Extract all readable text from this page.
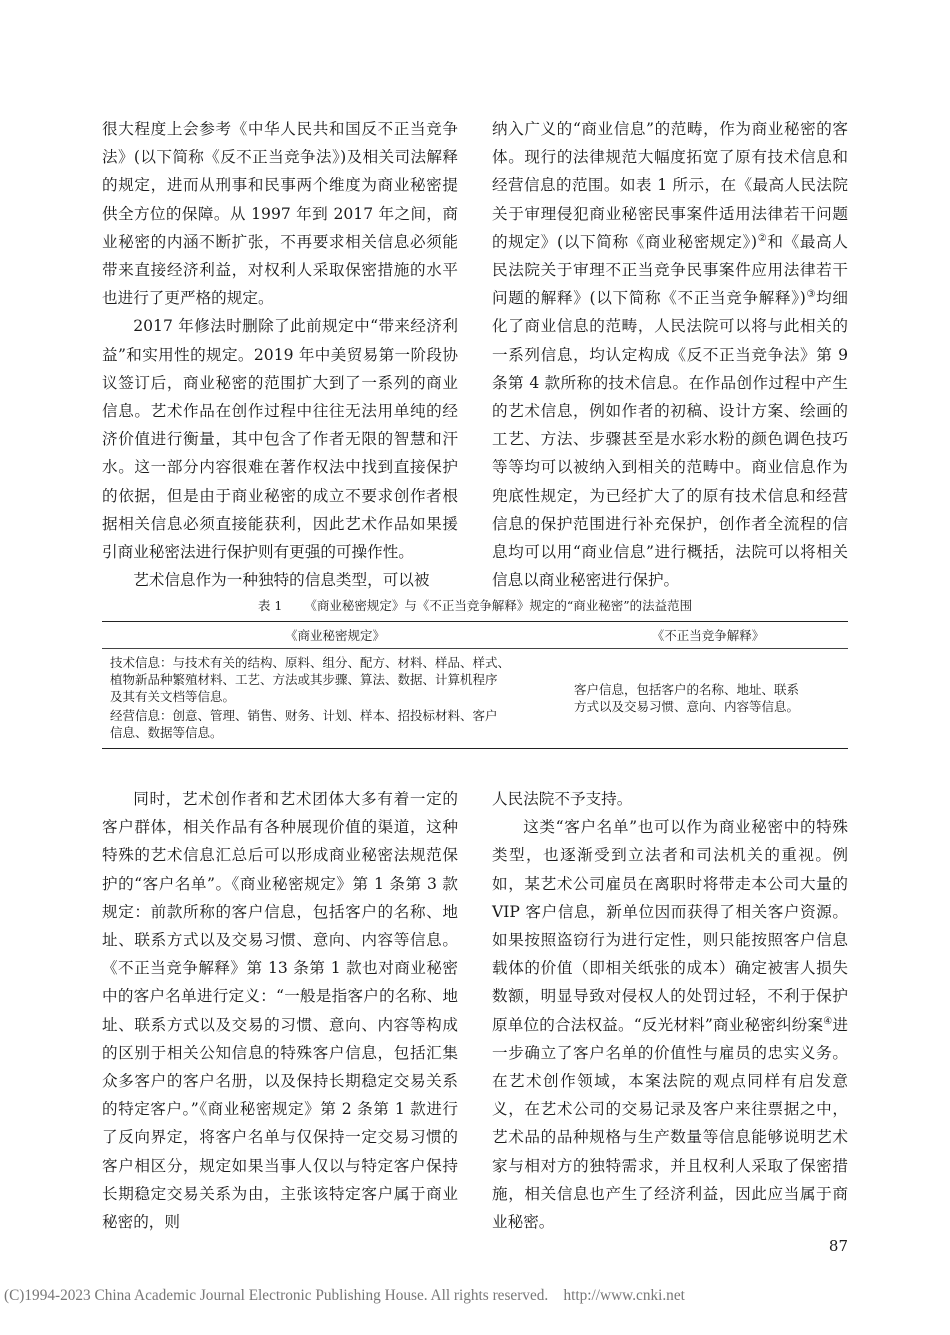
很大程度上会参考《中华人民共和国反不正当竞争法》(以下简称《反不正当竞争法》)及相关司法解释的规定，进而从刑事和民事两个维度为商业秘密提供全方位的保障。从 1997 年到 2017 年之间，商业秘密的内涵不断扩张，不再要求相关信息必须能带来直接经济利益，对权利人采取保密措施的水平也进行了更严格的规定。

2017 年修法时删除了此前规定中“带来经济利益”和实用性的规定。2019 年中美贸易第一阶段协议签订后，商业秘密的范围扩大到了一系列的商业信息。艺术作品在创作过程中往往无法用单纯的经济价值进行衡量，其中包含了作者无限的智慧和汗水。这一部分内容很难在著作权法中找到直接保护的依据，但是由于商业秘密的成立不要求创作者根据相关信息必须直接能获利，因此艺术作品如果援引商业秘密法进行保护则有更强的可操作性。

艺术信息作为一种独特的信息类型，可以被

纳入广义的“商业信息”的范畴，作为商业秘密的客体。现行的法律规范大幅度拓宽了原有技术信息和经营信息的范围。如表 1 所示，在《最高人民法院关于审理侵犯商业秘密民事案件适用法律若干问题的规定》(以下简称《商业秘密规定》)②和《最高人民法院关于审理不正当竞争民事案件应用法律若干问题的解释》(以下简称《不正当竞争解释》)③均细化了商业信息的范畴，人民法院可以将与此相关的一系列信息，均认定构成《反不正当竞争法》第 9 条第 4 款所称的技术信息。在作品创作过程中产生的艺术信息，例如作者的初稿、设计方案、绘画的工艺、方法、步骤甚至是水彩水粉的颜色调色技巧等等均可以被纳入到相关的范畴中。商业信息作为兜底性规定，为已经扩大了的原有技术信息和经营信息的保护范围进行补充保护，创作者全流程的信息均可以用“商业信息”进行概括，法院可以将相关信息以商业秘密进行保护。

表 1 《商业秘密规定》与《不正当竞争解释》规定的“商业秘密”的法益范围
《商业秘密规定》	《不正当竞争解释》

技术信息：与技术有关的结构、原料、组分、配方、材料、样品、样式、
植物新品种繁殖材料、工艺、方法或其步骤、算法、数据、计算机程序
及其有关文档等信息。
经营信息：创意、管理、销售、财务、计划、样本、招投标材料、客户
信息、数据等信息。	客户信息，包括客户的名称、地址、联系
方式以及交易习惯、意向、内容等信息。

同时，艺术创作者和艺术团体大多有着一定的客户群体，相关作品有各种展现价值的渠道，这种特殊的艺术信息汇总后可以形成商业秘密法规范保护的“客户名单”。《商业秘密规定》第 1 条第 3 款规定：前款所称的客户信息，包括客户的名称、地址、联系方式以及交易习惯、意向、内容等信息。《不正当竞争解释》第 13 条第 1 款也对商业秘密中的客户名单进行定义：“一般是指客户的名称、地址、联系方式以及交易的习惯、意向、内容等构成的区别于相关公知信息的特殊客户信息，包括汇集众多客户的客户名册，以及保持长期稳定交易关系的特定客户。”《商业秘密规定》第 2 条第 1 款进行了反向界定，将客户名单与仅保持一定交易习惯的客户相区分，规定如果当事人仅以与特定客户保持长期稳定交易关系为由，主张该特定客户属于商业秘密的，则

人民法院不予支持。

这类“客户名单”也可以作为商业秘密中的特殊类型，也逐渐受到立法者和司法机关的重视。例如，某艺术公司雇员在离职时将带走本公司大量的 VIP 客户信息，新单位因而获得了相关客户资源。如果按照盗窃行为进行定性，则只能按照客户信息载体的价值（即相关纸张的成本）确定被害人损失数额，明显导致对侵权人的处罚过轻，不利于保护原单位的合法权益。“反光材料”商业秘密纠纷案④进一步确立了客户名单的价值性与雇员的忠实义务。在艺术创作领域，本案法院的观点同样有启发意义，在艺术公司的交易记录及客户来往票据之中，艺术品的品种规格与生产数量等信息能够说明艺术家与相对方的独特需求，并且权利人采取了保密措施，相关信息也产生了经济利益，因此应当属于商业秘密。

87
(C)1994-2023 China Academic Journal Electronic Publishing House. All rights reserved.    http://www.cnki.net
